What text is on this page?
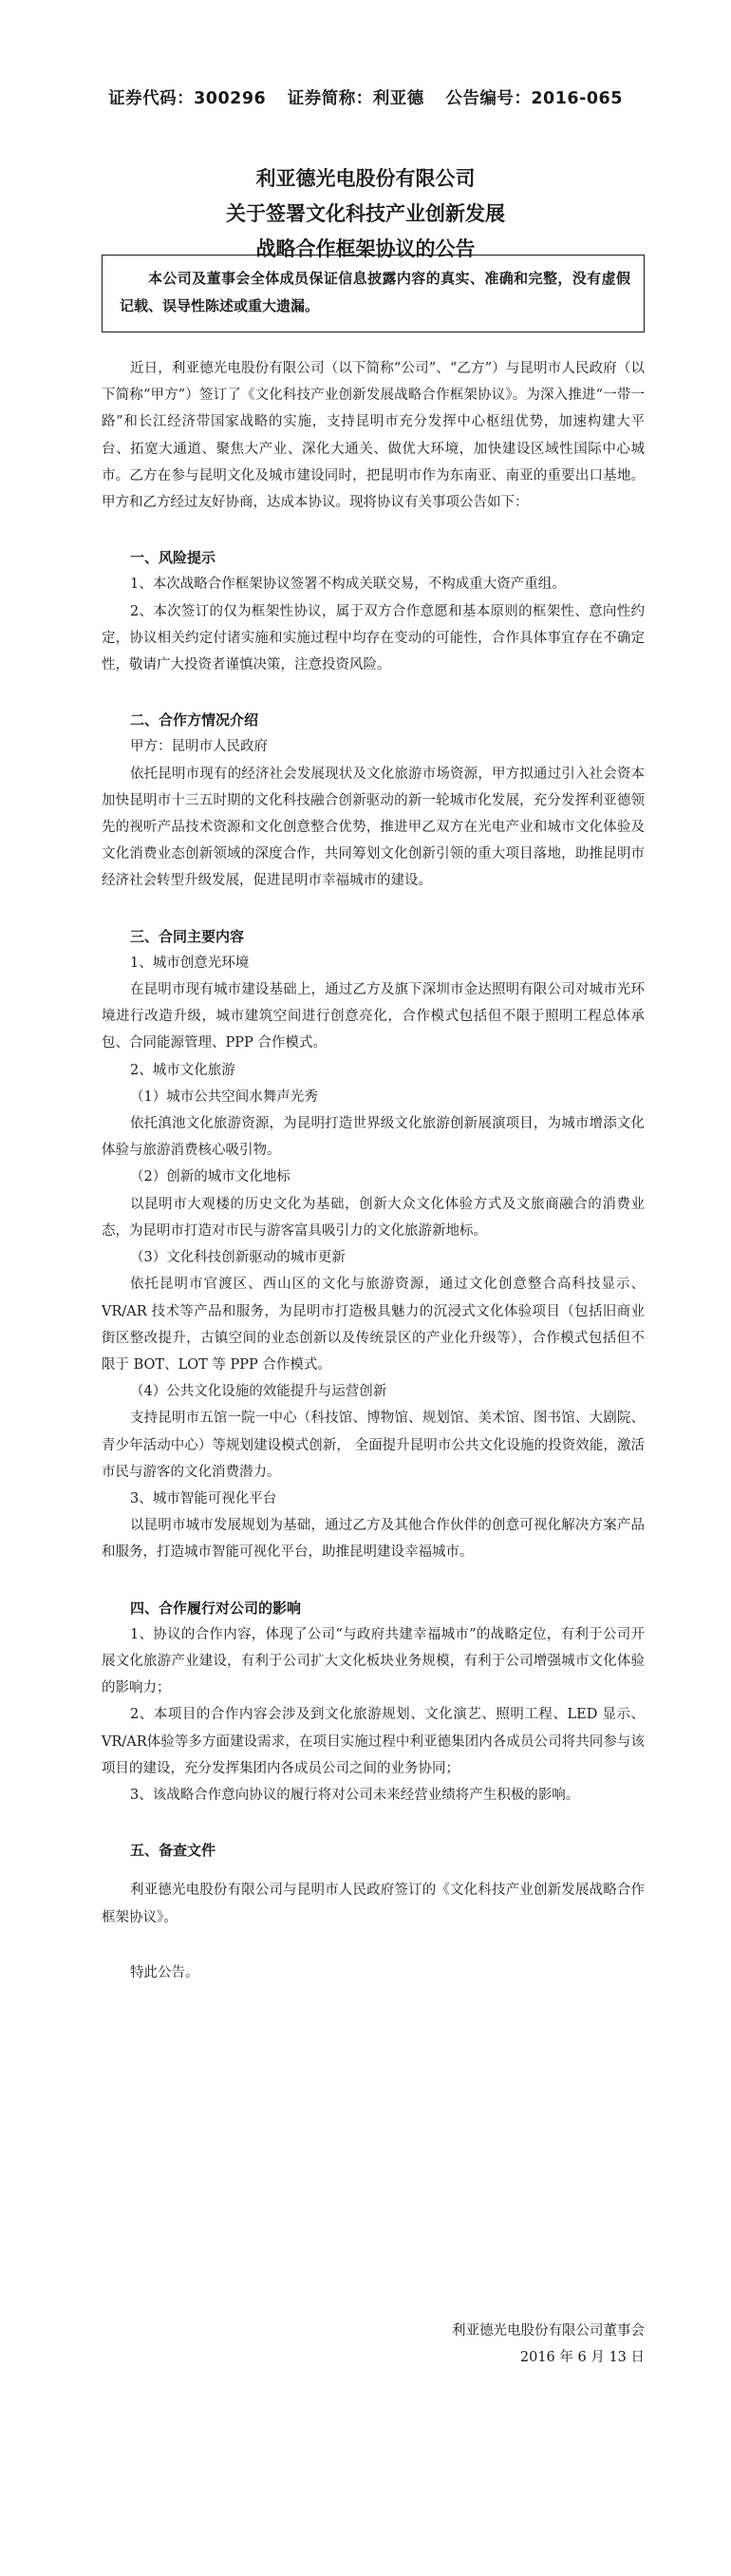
证券代码：300296 证券简称：利亚德 公告编号：2016-065
利亚德光电股份有限公司
关于签署文化科技产业创新发展
战略合作框架协议的公告
本公司及董事会全体成员保证信息披露内容的真实、准确和完整，没有虚假记载、误导性陈述或重大遗漏。

近日，利亚德光电股份有限公司（以下简称“公司”、“乙方”）与昆明市人民政府（以下简称“甲方”）签订了《文化科技产业创新发展战略合作框架协议》。为深入推进“一带一路”和长江经济带国家战略的实施，支持昆明市充分发挥中心枢纽优势，加速构建大平台、拓宽大通道、聚焦大产业、深化大通关、做优大环境，加快建设区域性国际中心城市。乙方在参与昆明文化及城市建设同时，把昆明市作为东南亚、南亚的重要出口基地。甲方和乙方经过友好协商，达成本协议。现将协议有关事项公告如下：

一、风险提示

1、本次战略合作框架协议签署不构成关联交易，不构成重大资产重组。

2、本次签订的仅为框架性协议，属于双方合作意愿和基本原则的框架性、意向性约定，协议相关约定付诸实施和实施过程中均存在变动的可能性，合作具体事宜存在不确定性，敬请广大投资者谨慎决策，注意投资风险。

二、合作方情况介绍

甲方：昆明市人民政府

依托昆明市现有的经济社会发展现状及文化旅游市场资源，甲方拟通过引入社会资本加快昆明市十三五时期的文化科技融合创新驱动的新一轮城市化发展，充分发挥利亚德领先的视听产品技术资源和文化创意整合优势，推进甲乙双方在光电产业和城市文化体验及文化消费业态创新领域的深度合作，共同筹划文化创新引领的重大项目落地，助推昆明市经济社会转型升级发展，促进昆明市幸福城市的建设。

三、合同主要内容

1、城市创意光环境

在昆明市现有城市建设基础上，通过乙方及旗下深圳市金达照明有限公司对城市光环境进行改造升级，城市建筑空间进行创意亮化，合作模式包括但不限于照明工程总体承包、合同能源管理、PPP 合作模式。

2、城市文化旅游

（1）城市公共空间水舞声光秀

依托滇池文化旅游资源，为昆明打造世界级文化旅游创新展演项目，为城市增添文化体验与旅游消费核心吸引物。

（2）创新的城市文化地标

以昆明市大观楼的历史文化为基础，创新大众文化体验方式及文旅商融合的消费业态，为昆明市打造对市民与游客富具吸引力的文化旅游新地标。

（3）文化科技创新驱动的城市更新

依托昆明市官渡区、西山区的文化与旅游资源，通过文化创意整合高科技显示、VR/AR 技术等产品和服务，为昆明市打造极具魅力的沉浸式文化体验项目（包括旧商业街区整改提升，古镇空间的业态创新以及传统景区的产业化升级等），合作模式包括但不限于 BOT、LOT 等 PPP 合作模式。

（4）公共文化设施的效能提升与运营创新

支持昆明市五馆一院一中心（科技馆、博物馆、规划馆、美术馆、图书馆、大剧院、青少年活动中心）等规划建设模式创新， 全面提升昆明市公共文化设施的投资效能，激活市民与游客的文化消费潜力。

3、城市智能可视化平台

以昆明市城市发展规划为基础，通过乙方及其他合作伙伴的创意可视化解决方案产品和服务，打造城市智能可视化平台，助推昆明建设幸福城市。

四、合作履行对公司的影响

1、协议的合作内容，体现了公司“与政府共建幸福城市”的战略定位，有利于公司开展文化旅游产业建设，有利于公司扩大文化板块业务规模，有利于公司增强城市文化体验的影响力；

2、本项目的合作内容会涉及到文化旅游规划、文化演艺、照明工程、LED 显示、VR/AR体验等多方面建设需求，在项目实施过程中利亚德集团内各成员公司将共同参与该项目的建设，充分发挥集团内各成员公司之间的业务协同；

3、该战略合作意向协议的履行将对公司未来经营业绩将产生积极的影响。

五、备查文件

利亚德光电股份有限公司与昆明市人民政府签订的《文化科技产业创新发展战略合作框架协议》。

特此公告。

利亚德光电股份有限公司董事会
2016 年 6 月 13 日
